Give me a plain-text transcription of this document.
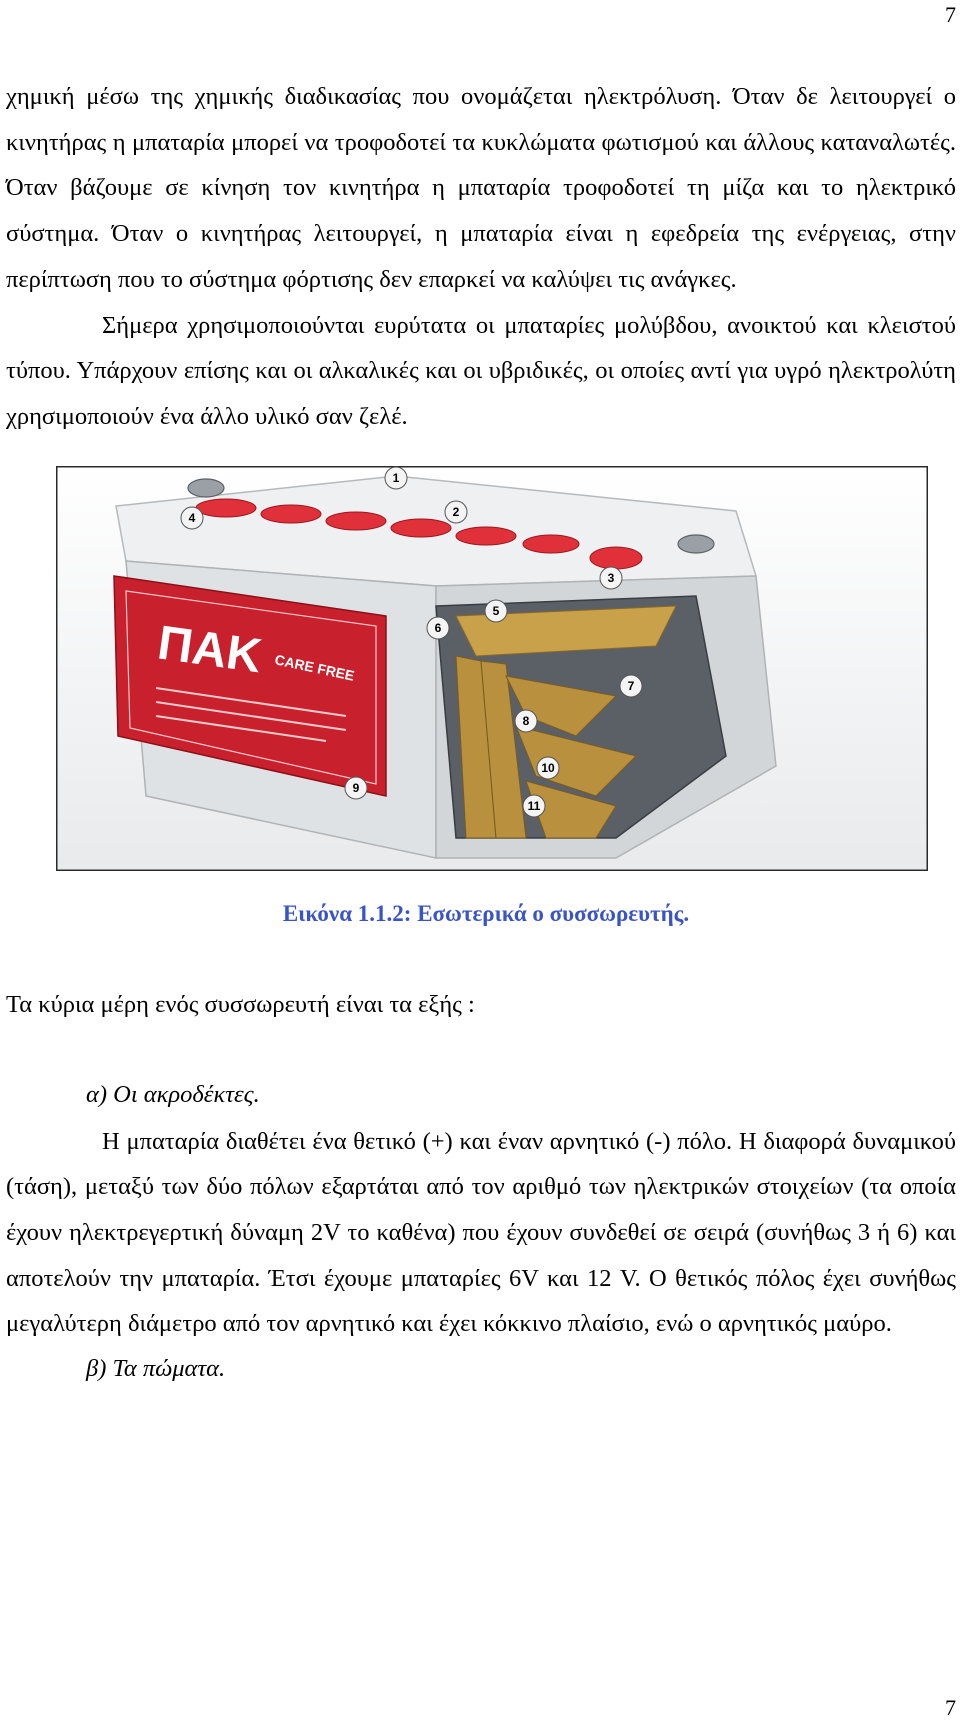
7

χημική μέσω της χημικής διαδικασίας που ονομάζεται ηλεκτρόλυση. Όταν δε λειτουργεί ο κινητήρας η μπαταρία μπορεί να τροφοδοτεί τα κυκλώματα φωτισμού και άλλους καταναλωτές. Όταν βάζουμε σε κίνηση τον κινητήρα η μπαταρία τροφοδοτεί τη μίζα και το ηλεκτρικό σύστημα. Όταν ο κινητήρας λειτουργεί, η μπαταρία είναι η εφεδρεία της ενέργειας, στην περίπτωση που το σύστημα φόρτισης δεν επαρκεί να καλύψει τις ανάγκες.

Σήμερα χρησιμοποιούνται ευρύτατα οι μπαταρίες μολύβδου, ανοικτού και κλειστού τύπου. Υπάρχουν επίσης και οι αλκαλικές και οι υβριδικές, οι οποίες αντί για υγρό ηλεκτρολύτη χρησιμοποιούν ένα άλλο υλικό σαν ζελέ.

ΠΑΚ CARE FREE
1
2
3
4
5
6
7
8
9
10
11
Εικόνα 1.1.2: Εσωτερικά ο συσσωρευτής.
Τα κύρια μέρη ενός συσσωρευτή είναι τα εξής :
α) Οι ακροδέκτες.

Η μπαταρία διαθέτει ένα θετικό (+) και έναν αρνητικό (-) πόλο. Η διαφορά δυναμικού (τάση), μεταξύ των δύο πόλων εξαρτάται από τον αριθμό των ηλεκτρικών στοιχείων (τα οποία έχουν ηλεκτρεγερτική δύναμη 2V το καθένα) που έχουν συνδεθεί σε σειρά (συνήθως 3 ή 6) και αποτελούν την μπαταρία. Έτσι έχουμε μπαταρίες 6V και 12 V. Ο θετικός πόλος έχει συνήθως μεγαλύτερη διάμετρο από τον αρνητικό και έχει κόκκινο πλαίσιο, ενώ ο αρνητικός μαύρο.

β) Τα πώματα.
7
